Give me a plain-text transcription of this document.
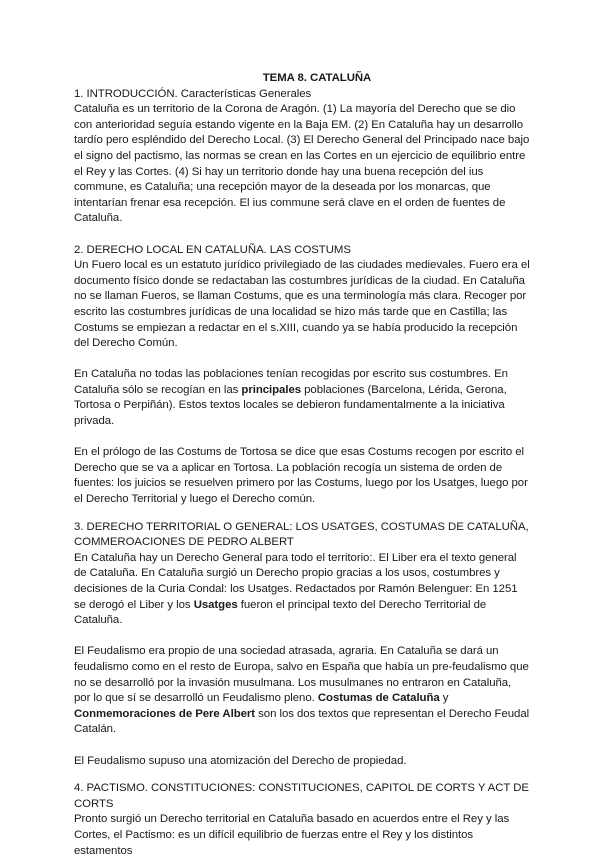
TEMA 8. CATALUÑA

1. INTRODUCCIÓN. Características Generales

Cataluña es un territorio de la Corona de Aragón. (1) La mayoría del Derecho que se dio con anterioridad seguía estando vigente en la Baja EM. (2) En Cataluña hay un desarrollo tardío pero espléndido del Derecho Local. (3) El Derecho General del Principado nace bajo el signo del pactismo, las normas se crean en las Cortes en un ejercicio de equilibrio entre el Rey y las Cortes. (4) Si hay un territorio donde hay una buena recepción del ius commune, es Cataluña; una recepción mayor de la deseada por los monarcas, que intentarían frenar esa recepción. El ius commune será clave en el orden de fuentes de Cataluña.

2. DERECHO LOCAL EN CATALUÑA. LAS COSTUMS

Un Fuero local es un estatuto jurídico privilegiado de las ciudades medievales. Fuero era el documento físico donde se redactaban las costumbres jurídicas de la ciudad. En Cataluña no se llaman Fueros, se llaman Costums, que es una terminología más clara. Recoger por escrito las costumbres jurídicas de una localidad se hizo más tarde que en Castilla; las Costums se empiezan a redactar en el s.XIII, cuando ya se había producido la recepción del Derecho Común.

En Cataluña no todas las poblaciones tenían recogidas por escrito sus costumbres. En Cataluña sólo se recogían en las principales poblaciones (Barcelona, Lérida, Gerona, Tortosa o Perpiñán). Estos textos locales se debieron fundamentalmente a la iniciativa privada.

En el prólogo de las Costums de Tortosa se dice que esas Costums recogen por escrito el Derecho que se va a aplicar en Tortosa. La población recogía un sistema de orden de fuentes: los juicios se resuelven primero por las Costums, luego por los Usatges, luego por el Derecho Territorial y luego el Derecho común.

3. DERECHO TERRITORIAL O GENERAL: LOS USATGES, COSTUMAS DE CATALUÑA, COMMEROACIONES DE PEDRO ALBERT

En Cataluña hay un Derecho General para todo el territorio:. El Liber era el texto general de Cataluña. En Cataluña surgió un Derecho propio gracias a los usos, costumbres y decisiones de la Curia Condal: los Usatges. Redactados por Ramón Belenguer: En 1251 se derogó el Liber y los Usatges fueron el principal texto del Derecho Territorial de Cataluña.

El Feudalismo era propio de una sociedad atrasada, agraria. En Cataluña se dará un feudalismo como en el resto de Europa, salvo en España que había un pre-feudalismo que no se desarrolló por la invasión musulmana. Los musulmanes no entraron en Cataluña, por lo que sí se desarrolló un Feudalismo pleno. Costumas de Cataluña y Conmemoraciones de Pere Albert son los dos textos que representan el Derecho Feudal Catalán.

El Feudalismo supuso una atomización del Derecho de propiedad.

4. PACTISMO. CONSTITUCIONES: CONSTITUCIONES, CAPITOL DE CORTS Y ACT DE CORTS

Pronto surgió un Derecho territorial en Cataluña basado en acuerdos entre el Rey y las Cortes, el Pactismo: es un difícil equilibrio de fuerzas entre el Rey y los distintos estamentos
